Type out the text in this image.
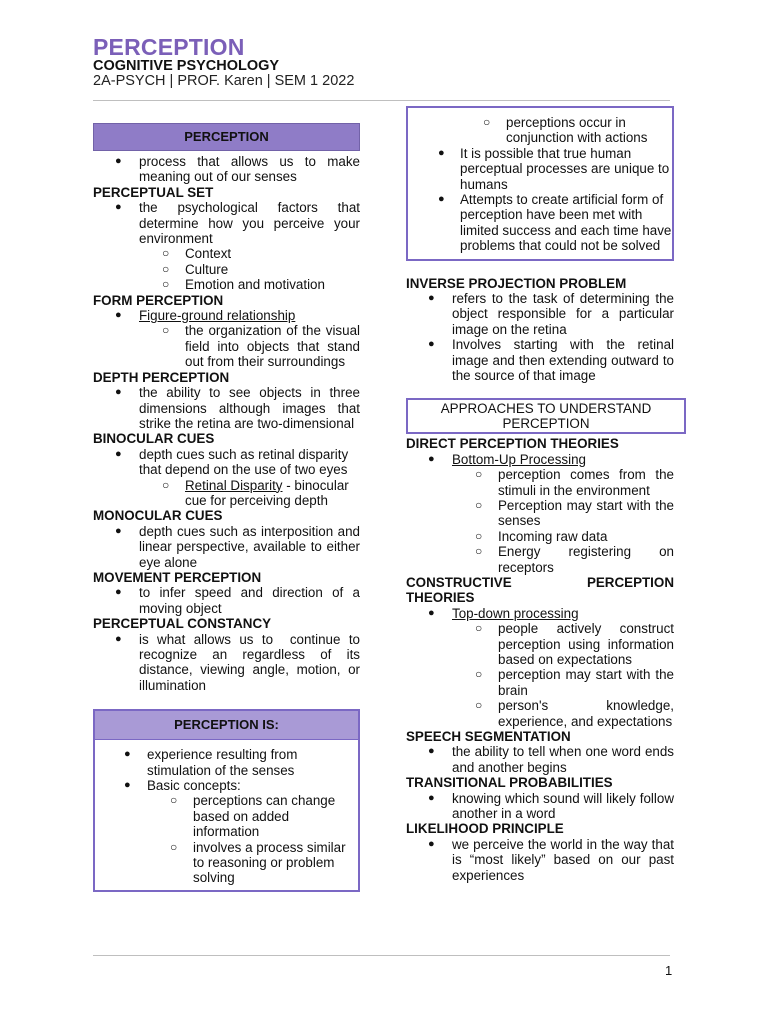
PERCEPTION
COGNITIVE PSYCHOLOGY
2A-PSYCH | PROF. Karen | SEM 1 2022
PERCEPTION
● process that allows us to make meaning out of our senses

PERCEPTUAL SET

● the psychological factors that determine how you perceive your environment
○ Context
○ Culture
○ Emotion and motivation

FORM PERCEPTION

● Figure-ground relationship
○ the organization of the visual field into objects that stand out from their surroundings

DEPTH PERCEPTION

● the ability to see objects in three dimensions although images that strike the retina are two-dimensional

BINOCULAR CUES

● depth cues such as retinal disparity that depend on the use of two eyes
○ Retinal Disparity - binocular cue for perceiving depth

MONOCULAR CUES

● depth cues such as interposition and linear perspective, available to either eye alone

MOVEMENT PERCEPTION

● to infer speed and direction of a moving object

PERCEPTUAL CONSTANCY

● is what allows us to  continue to recognize an regardless of its distance, viewing angle, motion, or illumination
PERCEPTION IS:
● experience resulting from stimulation of the senses
● Basic concepts:
○ perceptions can change based on added information
○ involves a process similar to reasoning or problem solving
○ perceptions occur in conjunction with actions
● It is possible that true human perceptual processes are unique to humans
● Attempts to create artificial form of perception have been met with limited success and each time have problems that could not be solved

INVERSE PROJECTION PROBLEM

● refers to the task of determining the object responsible for a particular image on the retina
● Involves starting with the retinal image and then extending outward to the source of that image
APPROACHES TO UNDERSTAND PERCEPTION

DIRECT PERCEPTION THEORIES

● Bottom-Up Processing
○ perception comes from the stimuli in the environment
○ Perception may start with the senses
○ Incoming raw data
○ Energy registering on receptors

CONSTRUCTIVE PERCEPTION THEORIES

● Top-down processing
○ people actively construct perception using information based on expectations
○ perception may start with the brain
○ person's knowledge, experience, and expectations

SPEECH SEGMENTATION

● the ability to tell when one word ends and another begins

TRANSITIONAL PROBABILITIES

● knowing which sound will likely follow another in a word

LIKELIHOOD PRINCIPLE

● we perceive the world in the way that is “most likely” based on our past experiences
1
